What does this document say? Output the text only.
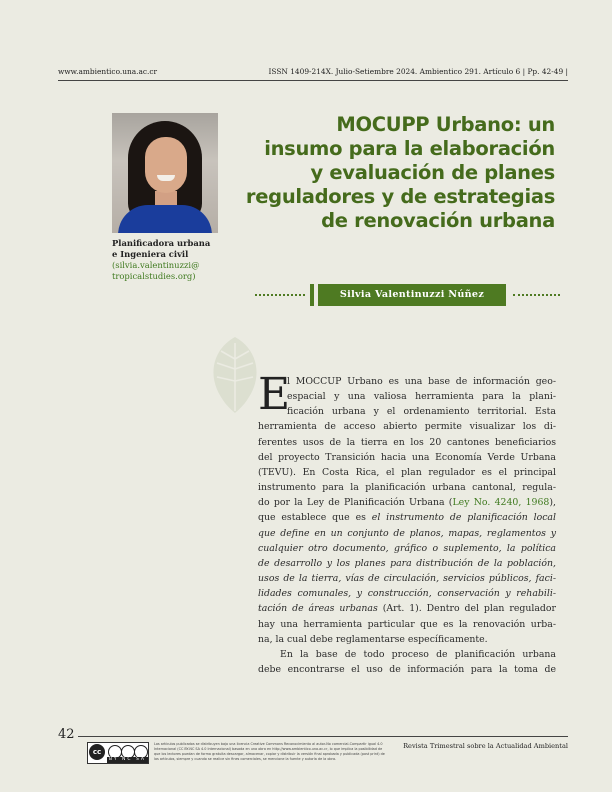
www.ambientico.una.ac.cr	ISSN 1409-214X. Julio-Setiembre 2024. Ambientico 291. Artículo 6 | Pp. 42-49 |
Planificadora urbana
e Ingeniera civil
(silvia.valentinuzzi@
tropicalstudies.org)
MOCUPP Urbano: un
insumo para la elaboración
y evaluación de planes
reguladores y de estrategias
de renovación urbana
Silvia Valentinuzzi Núñez
E
l MOCCUP Urbano es una base de información geo-
espacial y una valiosa herramienta para la plani-
ficación urbana y el ordenamiento territorial. Esta
herramienta de acceso abierto permite visualizar los di-
ferentes usos de la tierra en los 20 cantones beneficiarios
del proyecto Transición hacia una Economía Verde Urbana
(TEVU). En Costa Rica, el plan regulador es el principal
instrumento para la planificación urbana cantonal, regula-
do por la Ley de Planificación Urbana (Ley No. 4240, 1968),
que establece que es el instrumento de planificación local
que define en un conjunto de planos, mapas, reglamentos y
cualquier otro documento, gráfico o suplemento, la política
de desarrollo y los planes para distribución de la población,
usos de la tierra, vías de circulación, servicios públicos, faci-
lidades comunales, y construcción, conservación y rehabili-
tación de áreas urbanas (Art. 1). Dentro del plan regulador
hay una herramienta particular que es la renovación urba-
na, la cual debe reglamentarse específicamente.
En la base de todo proceso de planificación urbana
debe encontrarse el uso de información para la toma de
42
cc
BY NC SA
Los artículos publicados se distribuyen bajo una licencia Creative Commons Reconocimiento al autor-No comercial-Compartir igual 4.0 Internacional (CC BY-NC SA 4.0 Internacional) basada en una obra en http://www.ambientico.una.ac.cr, lo que implica la posibilidad de que los lectores puedan de forma gratuita descargar, almacenar, copiar y distribuir la versión final aprobada y publicada (post print) de los artículos, siempre y cuando se realice sin fines comerciales, se mencione la fuente y autoría de la obra.
Revista Trimestral sobre la Actualidad Ambiental
